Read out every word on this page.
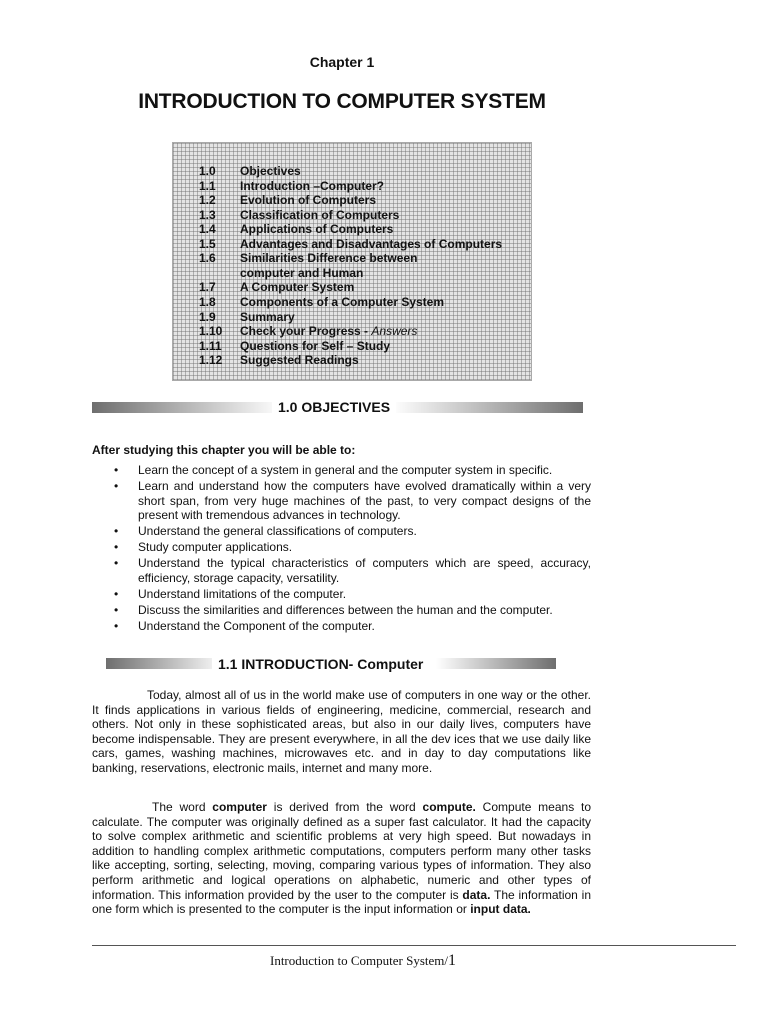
Chapter 1
INTRODUCTION TO COMPUTER SYSTEM
1.0	Objectives
1.1	Introduction –Computer?
1.2	Evolution of Computers
1.3	Classification of Computers
1.4	Applications of Computers
1.5	Advantages and Disadvantages of Computers
1.6	Similarities Difference between
computer and Human
1.7	A Computer System
1.8	Components of a Computer System
1.9	Summary
1.10	Check your Progress - Answers
1.11	Questions for Self – Study
1.12	Suggested Readings
1.0 OBJECTIVES
After studying this chapter you will be able to:
• Learn the concept of a system in general and the computer system in specific.
• Learn and understand how the computers have evolved dramatically within a very short span, from very huge machines of the past, to very compact designs of the present with tremendous advances in technology.
• Understand the general classifications of computers.
• Study computer applications.
• Understand the typical characteristics of computers which are speed, accuracy, efficiency, storage capacity, versatility.
• Understand limitations of the computer.
• Discuss the similarities and differences between the human and the computer.
• Understand the Component of the computer.
1.1 INTRODUCTION- Computer
Today, almost all of us in the world make use of computers in one way or the other. It finds applications in various fields of engineering, medicine, commercial, research and others. Not only in these sophisticated areas, but also in our daily lives, computers have become indispensable. They are present everywhere, in all the dev ices that we use daily like cars, games, washing machines, microwaves etc. and in day to day computations like banking, reservations, electronic mails, internet and many more.
The word computer is derived from the word compute. Compute means to calculate. The computer was originally defined as a super fast calculator. It had the capacity to solve complex arithmetic and scientific problems at very high speed. But nowadays in addition to handling complex arithmetic computations, computers perform many other tasks like accepting, sorting, selecting, moving, comparing various types of information. They also perform arithmetic and logical operations on alphabetic, numeric and other types of information. This information provided by the user to the computer is data. The information in one form which is presented to the computer is the input information or input data.
Introduction to Computer System/1
